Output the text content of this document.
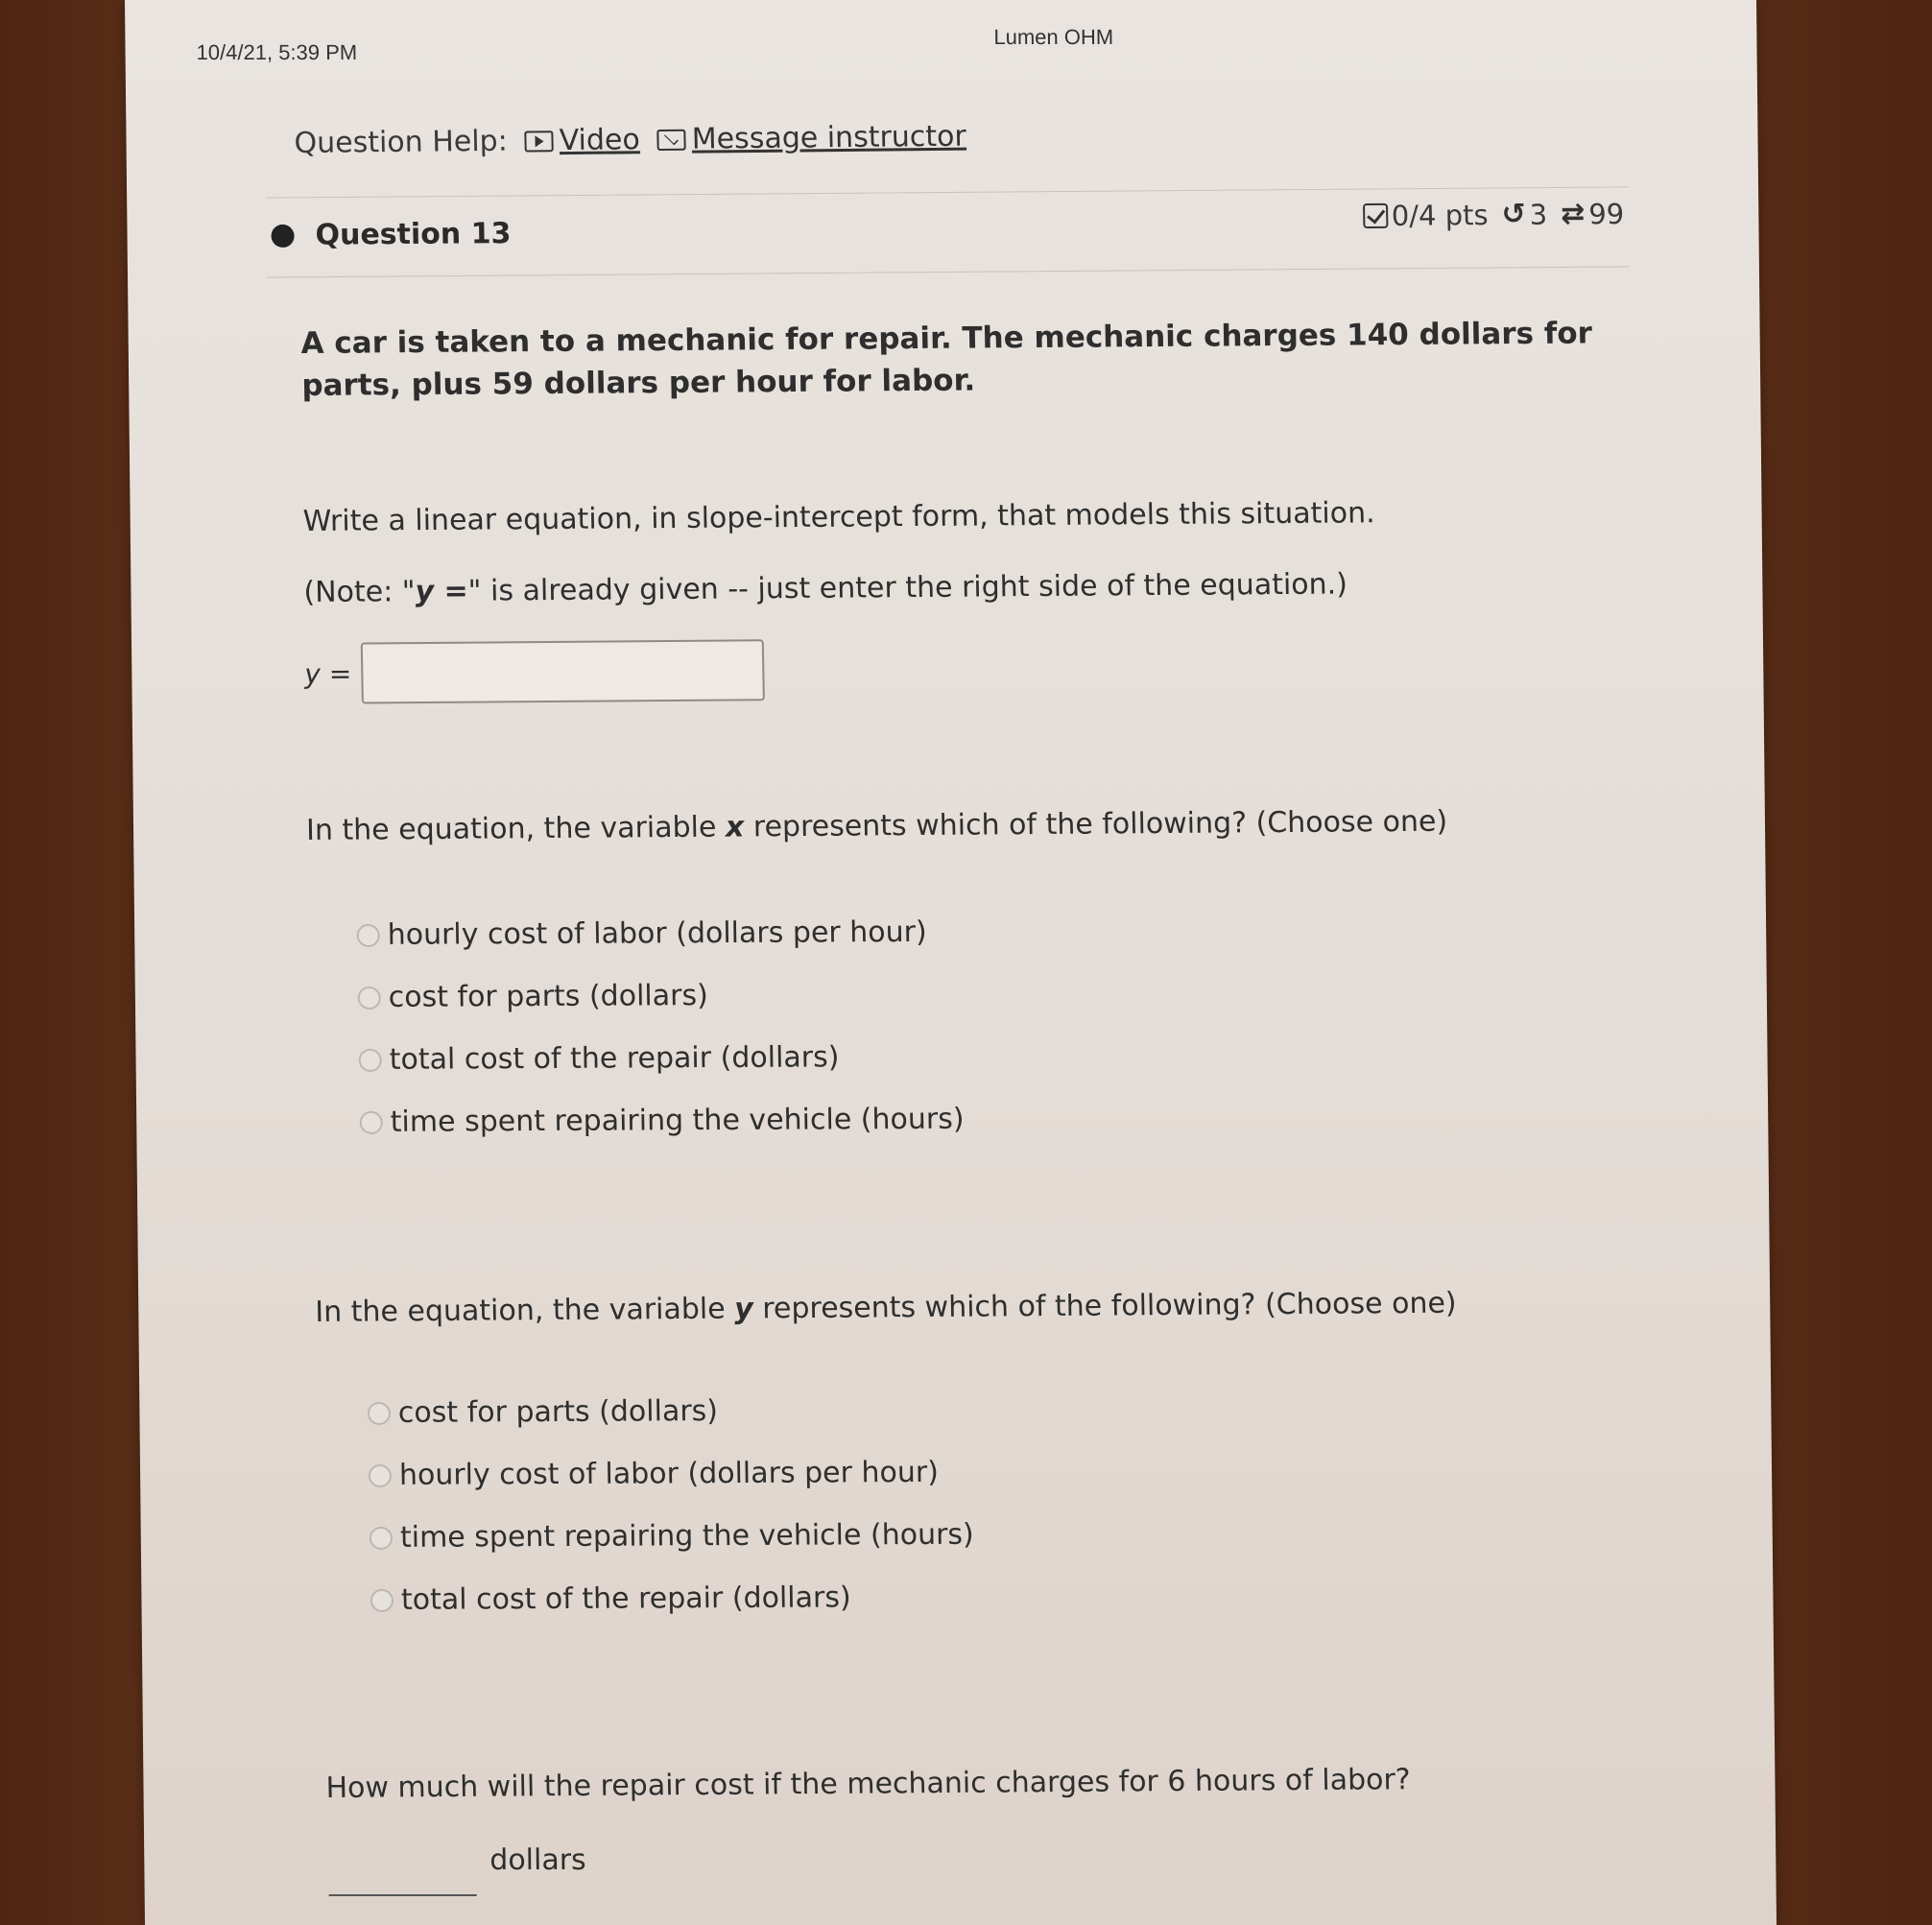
10/4/21, 5:39 PM
Lumen OHM
Question Help: Video Message instructor
Question 13
0/4 pts ↺ 3 ⇄ 99
A car is taken to a mechanic for repair. The mechanic charges 140 dollars for parts, plus 59 dollars per hour for labor.
Write a linear equation, in slope-intercept form, that models this situation.
(Note: "y =" is already given -- just enter the right side of the equation.)
y =
In the equation, the variable x represents which of the following? (Choose one)
hourly cost of labor (dollars per hour)
cost for parts (dollars)
total cost of the repair (dollars)
time spent repairing the vehicle (hours)
In the equation, the variable y represents which of the following? (Choose one)
cost for parts (dollars)
hourly cost of labor (dollars per hour)
time spent repairing the vehicle (hours)
total cost of the repair (dollars)
How much will the repair cost if the mechanic charges for 6 hours of labor?
dollars
